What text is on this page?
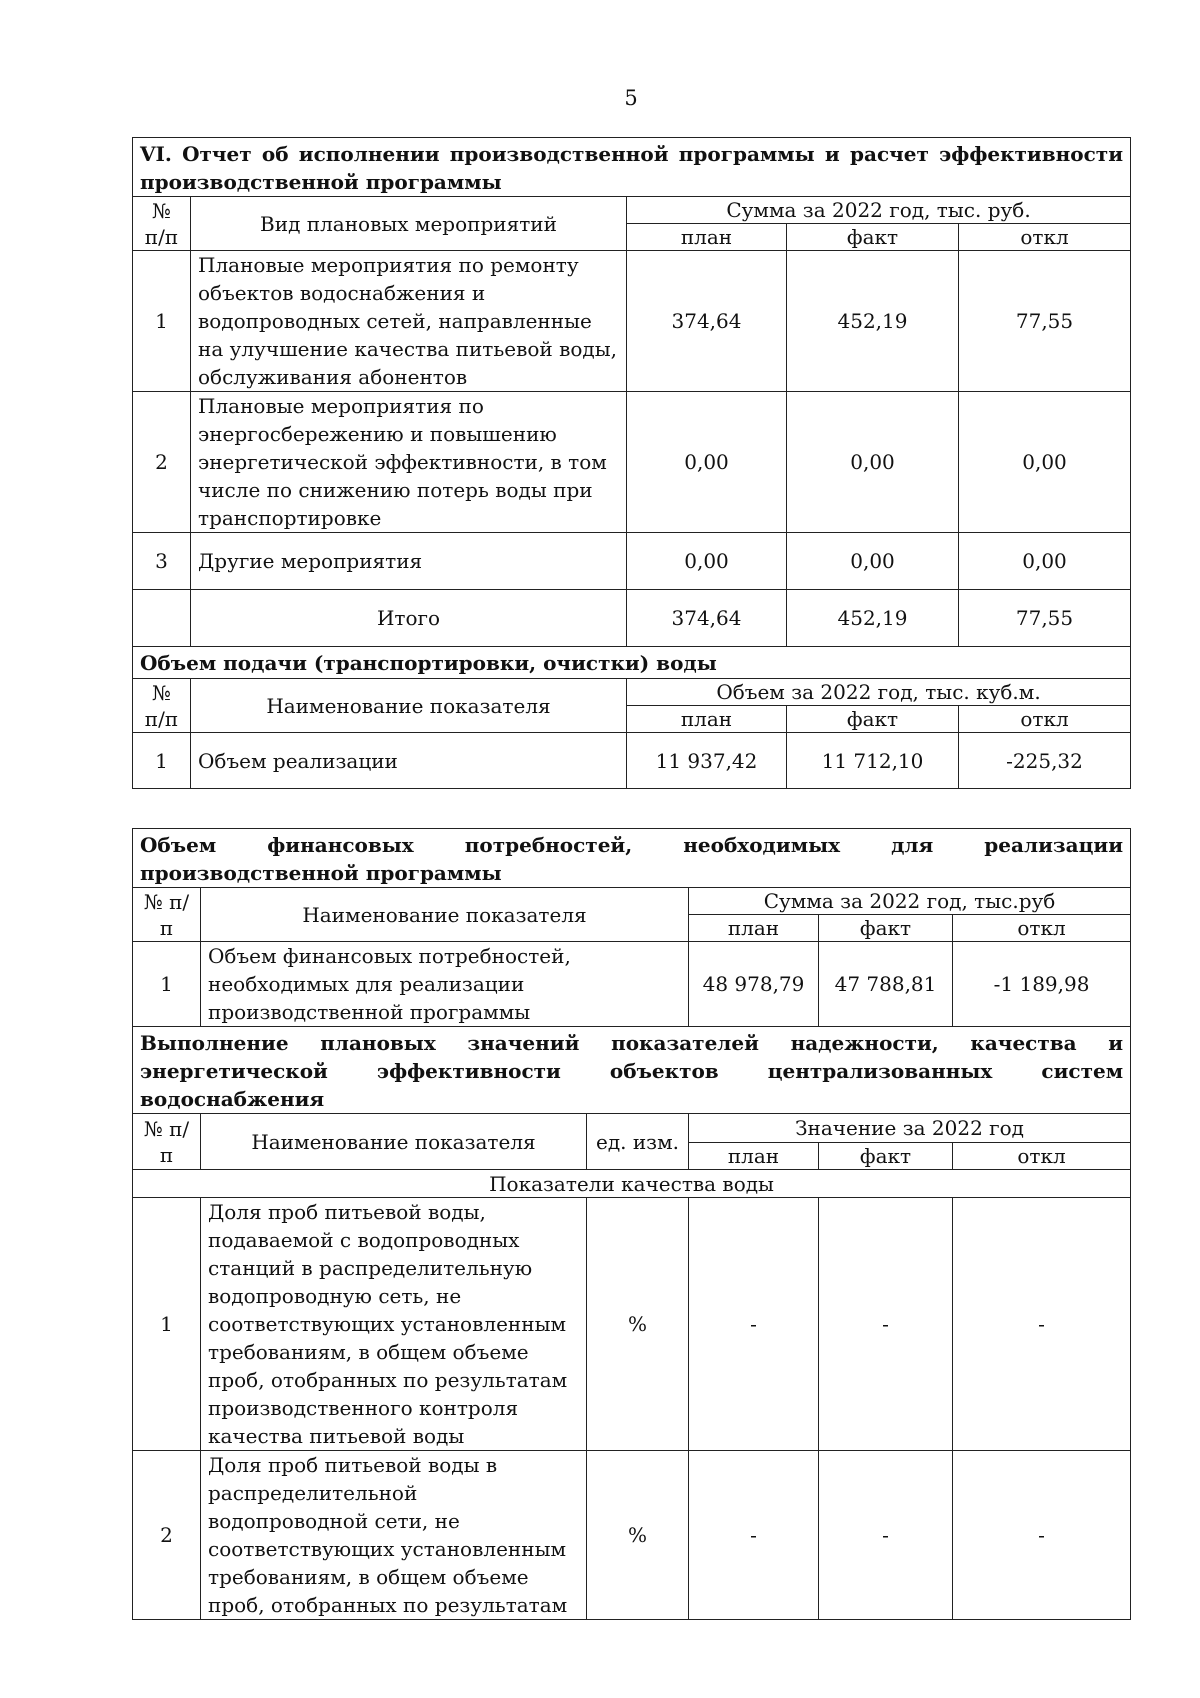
5
VI. Отчет об исполнении производственной программы и расчет эффективности производственной программы				
№ п/п	Вид плановых мероприятий	Сумма за 2022 год, тыс. руб.		
		план	факт	откл
1	Плановые мероприятия по ремонту объектов водоснабжения и водопроводных сетей, направленные на улучшение качества питьевой воды, обслуживания абонентов	374,64	452,19	77,55
2	Плановые мероприятия по энергосбережению и повышению энергетической эффективности, в том числе по снижению потерь воды при транспортировке	0,00	0,00	0,00
3	Другие мероприятия	0,00	0,00	0,00
	Итого	374,64	452,19	77,55
Объем подачи (транспортировки, очистки) воды				
№ п/п	Наименование показателя	Объем за 2022 год, тыс. куб.м.		
		план	факт	откл
1	Объем реализации	11 937,42	11 712,10	-225,32
Объем финансовых потребностей, необходимых для реализации производственной программы					
№ п/п	Наименование показателя		Сумма за 2022 год, тыс.руб		
			план	факт	откл
1	Объем финансовых потребностей, необходимых для реализации производственной программы		48 978,79	47 788,81	-1 189,98
Выполнение плановых значений показателей надежности, качества и энергетической эффективности объектов централизованных систем водоснабжения					
№ п/п	Наименование показателя	ед. изм.	Значение за 2022 год		
			план	факт	откл
Показатели качества воды					
1	Доля проб питьевой воды, подаваемой с водопроводных станций в распределительную водопроводную сеть, не соответствующих установленным требованиям, в общем объеме проб, отобранных по результатам производственного контроля качества питьевой воды	%	-	-	-
2	Доля проб питьевой воды в распределительной водопроводной сети, не соответствующих установленным требованиям, в общем объеме проб, отобранных по результатам	%	-	-	-
